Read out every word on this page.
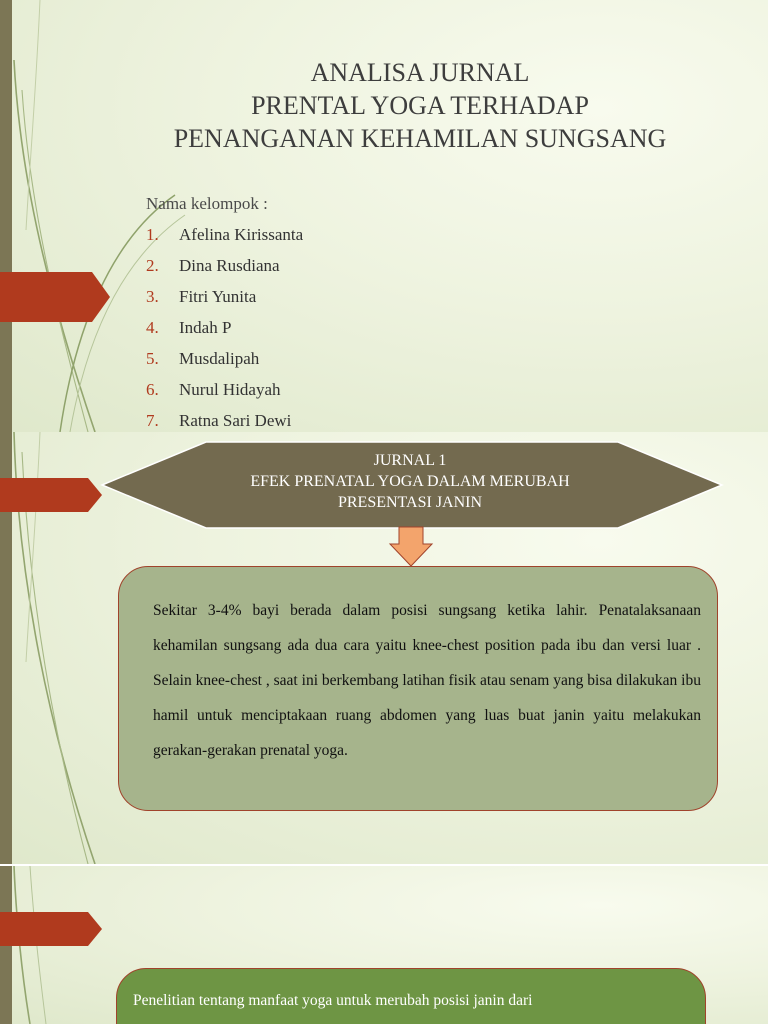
ANALISA JURNAL
PRENTAL YOGA TERHADAP
PENANGANAN KEHAMILAN SUNGSANG
Nama kelompok :
1. Afelina Kirissanta
2. Dina Rusdiana
3. Fitri Yunita
4. Indah P
5. Musdalipah
6. Nurul Hidayah
7. Ratna Sari Dewi
JURNAL 1
EFEK PRENATAL YOGA DALAM MERUBAH
PRESENTASI JANIN
Sekitar 3-4% bayi berada dalam posisi sungsang ketika lahir. Penatalaksanaan kehamilan sungsang ada dua cara yaitu knee-chest position pada ibu dan versi luar . Selain knee-chest , saat ini berkembang latihan fisik atau senam yang bisa dilakukan ibu hamil untuk menciptakaan ruang abdomen yang luas buat janin yaitu melakukan gerakan-gerakan prenatal yoga.
Penelitian tentang manfaat yoga untuk merubah posisi janin dari
